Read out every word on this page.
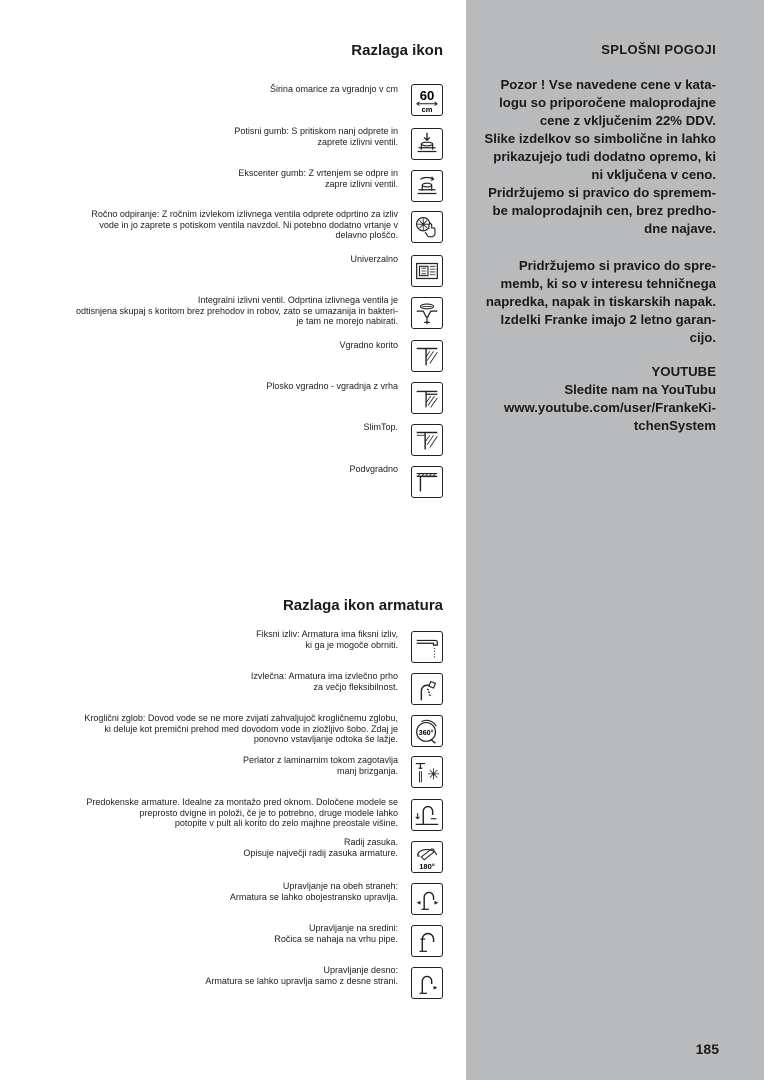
Razlaga ikon
Širina omarice za vgradnjo v cm 60
cm
Potisni gumb: S pritiskom nanj odprete in
zaprete izlivni ventil.
Ekscenter gumb: Z vrtenjem se odpre in
zapre izlivni ventil.
Ročno odpiranje: Z ročnim izvlekom izlivnega ventila odprete odprtino za izliv
vode in jo zaprete s potiskom ventila navzdol. Ni potebno dodatno vrtanje v
delavno ploščo.
Univerzalno
Integralni izlivni ventil. Odprtina izlivnega ventila je
odtisnjena skupaj s koritom brez prehodov in robov, zato se umazanija in bakteri-
je tam ne morejo nabirati.
Vgradno korito
Plosko vgradno - vgradnja z vrha
SlimTop.
Podvgradno
Razlaga ikon armatura
Fiksni izliv: Armatura ima fiksni izliv,
ki ga je mogoče obrniti.
Izvlečna: Armatura ima izvlečno prho
za večjo fleksibilnost.
Kroglični zglob: Dovod vode se ne more zvijati zahvaljujoč krogličnemu zglobu,
ki deluje kot premični prehod med dovodom vode in zložljivo šobo. Zdaj je
ponovno vstavljanje odtoka še lažje.
360°
Perlator z laminarnim tokom zagotavlja
manj brizganja.
Predokenske armature. Idealne za montažo pred oknom. Določene modele se
preprosto dvigne in položi, če je to potrebno, druge modele lahko
potopite v pult ali korito do zelo majhne preostale višine.
Radij zasuka.
Opisuje največji radij zasuka armature.
180°
Upravljanje na obeh straneh:
Armatura se lahko obojestransko upravlja.
Upravljanje na sredini:
Ročica se nahaja na vrhu pipe.
Upravljanje desno:
Armatura se lahko upravlja samo z desne strani.
SPLOŠNI POGOJI
Pozor ! Vse navedene cene v kata-
logu so priporočene maloprodajne
cene z vključenim 22% DDV.
Slike izdelkov so simbolične in lahko
prikazujejo tudi dodatno opremo, ki
ni vključena v ceno.
Pridržujemo si pravico do spremem-
be maloprodajnih cen, brez predho-
dne najave.
Pridržujemo si pravico do spre-
memb, ki so v interesu tehničnega
napredka, napak in tiskarskih napak.
Izdelki Franke imajo 2 letno garan-
cijo.
YOUTUBE
Sledite nam na YouTubu
www.youtube.com/user/FrankeKi-
tchenSystem
185
